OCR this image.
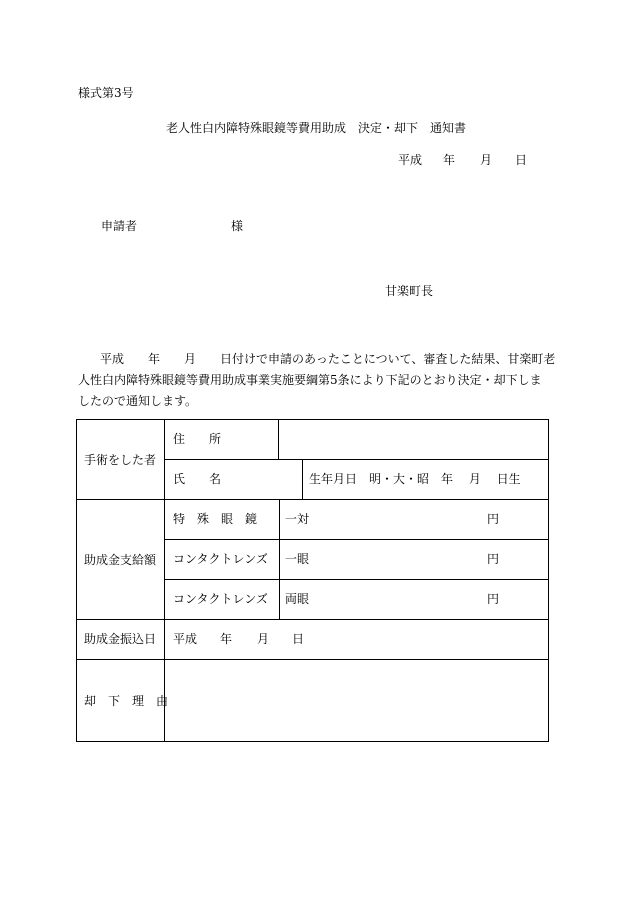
様式第3号
老人性白内障特殊眼鏡等費用助成　決定・却下　通知書
平成 年 月 日
申請者	様
甘楽町長
平成　　年　　月　　日付けで申請のあったことについて、審査した結果、甘楽町老
人性白内障特殊眼鏡等費用助成事業実施要綱第5条により下記のとおり決定・却下しま
したので通知します。
手術をした者
住　　所
氏　　名	生年月日　明・大・昭　年　 月　 日生
助成金支給額
特　殊　眼　鏡 一対	円
コンタクトレンズ 一眼	円
コンタクトレンズ 両眼	円
助成金振込日 平成 年 月 日
却　下　理　由
